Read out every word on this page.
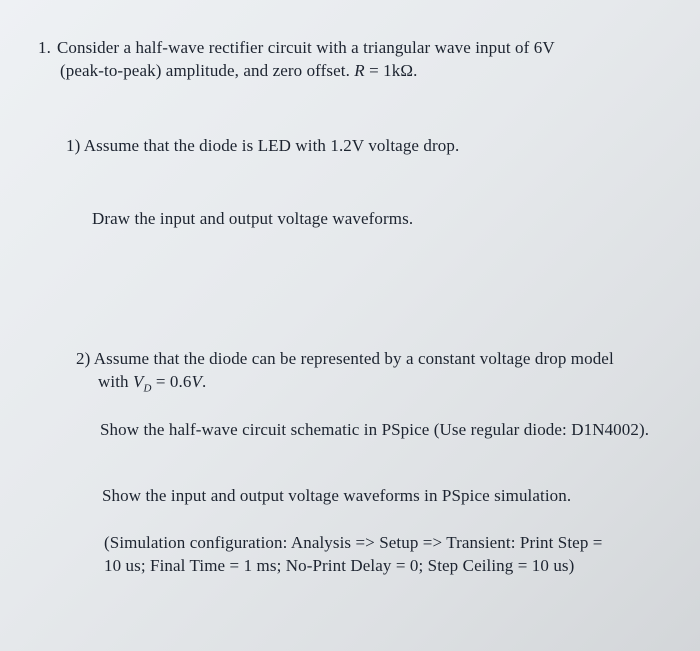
1. Consider a half-wave rectifier circuit with a triangular wave input of 6V
(peak-to-peak) amplitude, and zero offset. R = 1kΩ.
1) Assume that the diode is LED with 1.2V voltage drop.
Draw the input and output voltage waveforms.
2) Assume that the diode can be represented by a constant voltage drop model
with $V_D = 0.6V$.
Show the half-wave circuit schematic in PSpice (Use regular diode: D1N4002).
Show the input and output voltage waveforms in PSpice simulation.
(Simulation configuration: Analysis => Setup => Transient: Print Step =
10 us; Final Time = 1 ms; No-Print Delay = 0; Step Ceiling = 10 us)
